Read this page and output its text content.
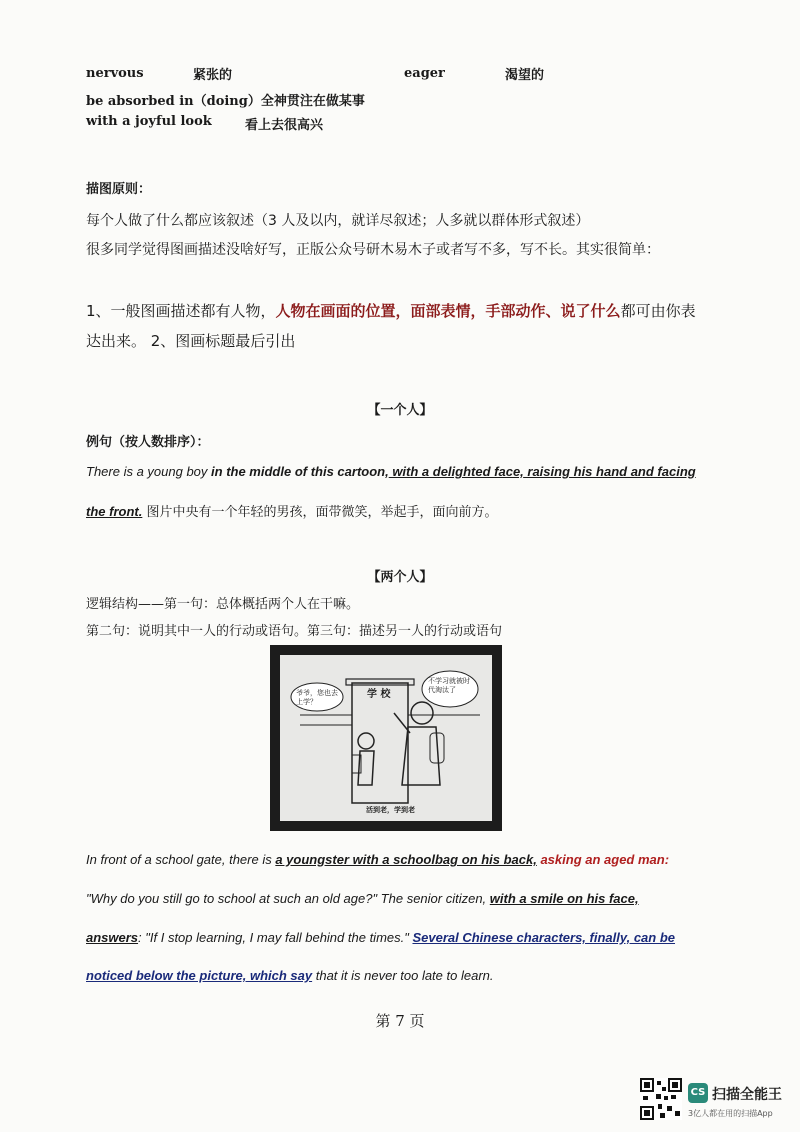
nervous	紧张的	eager	渴望的
be absorbed in（doing）全神贯注在做某事
with a joyful look	看上去很高兴
描图原则：
每个人做了什么都应该叙述（3 人及以内，就详尽叙述；人多就以群体形式叙述）
很多同学觉得图画描述没啥好写，正版公众号研木易木子或者写不多，写不长。其实很简单：
1、一般图画描述都有人物，人物在画面的位置，面部表情，手部动作、说了什么都可由你表
达出来。 2、图画标题最后引出
【一个人】
例句（按人数排序）：
There is a young boy in the middle of this cartoon, with a delighted face, raising his hand and facing
the front. 图片中央有一个年轻的男孩，面带微笑，举起手，面向前方。
【两个人】
逻辑结构——第一句：总体概括两个人在干嘛。
第二句：说明其中一人的行动或语句。第三句：描述另一人的行动或语句
学 校
爷爷，您也去上学？
不学习就被时代淘汰了
活到老，学到老
In front of a school gate, there is a youngster with a schoolbag on his back, asking an aged man:
"Why do you still go to school at such an old age?" The senior citizen, with a smile on his face,
answers: "If I stop learning, I may fall behind the times." Several Chinese characters, finally, can be
noticed below the picture, which say that it is never too late to learn.
第 7 页
CS 扫描全能王
3亿人都在用的扫描App
